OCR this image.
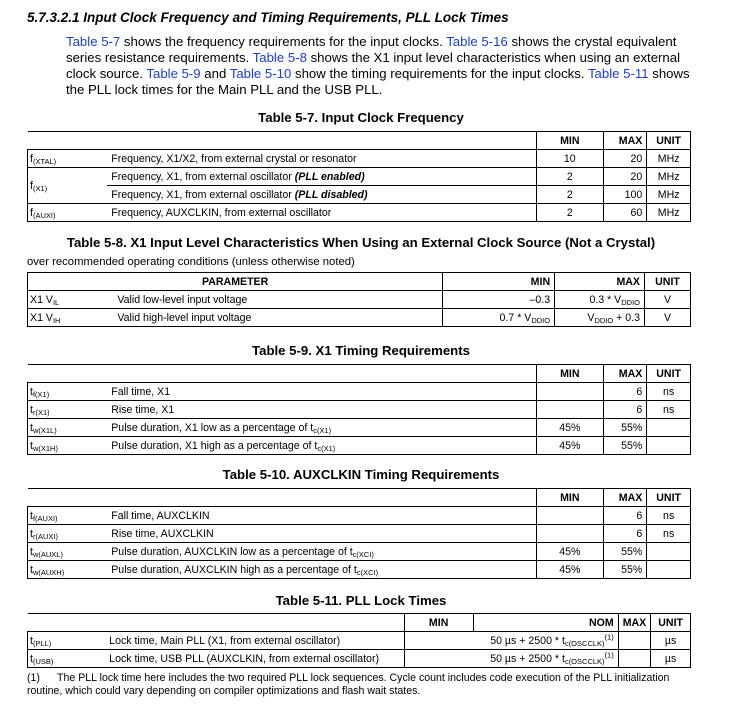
5.7.3.2.1 Input Clock Frequency and Timing Requirements, PLL Lock Times
Table 5-7 shows the frequency requirements for the input clocks. Table 5-16 shows the crystal equivalent series resistance requirements. Table 5-8 shows the X1 input level characteristics when using an external clock source. Table 5-9 and Table 5-10 show the timing requirements for the input clocks. Table 5-11 shows the PLL lock times for the Main PLL and the USB PLL.
Table 5-7. Input Clock Frequency
		MIN	MAX	UNIT
$f_{(XTAL)}$	Frequency, X1/X2, from external crystal or resonator	10	20	MHz
$f_{(X1)}$	Frequency, X1, from external oscillator (PLL enabled)	2	20	MHz
	Frequency, X1, from external oscillator (PLL disabled)	2	100	MHz
$f_{(AUXI)}$	Frequency, AUXCLKIN, from external oscillator	2	60	MHz
Table 5-8. X1 Input Level Characteristics When Using an External Clock Source (Not a Crystal)
over recommended operating conditions (unless otherwise noted)
PARAMETER		MIN	MAX	UNIT
X1 $V_{IL}$	Valid low-level input voltage	–0.3	$0.3 * V_{DDIO}$	V
X1 $V_{IH}$	Valid high-level input voltage	$0.7 * V_{DDIO}$	$V_{DDIO} + 0.3$	V
Table 5-9. X1 Timing Requirements
		MIN	MAX	UNIT
$t_{f(X1)}$	Fall time, X1		6	ns
$t_{r(X1)}$	Rise time, X1		6	ns
$t_{w(X1L)}$	Pulse duration, X1 low as a percentage of $t_{c(X1)}$	45%	55%	
$t_{w(X1H)}$	Pulse duration, X1 high as a percentage of $t_{c(X1)}$	45%	55%	
Table 5-10. AUXCLKIN Timing Requirements
		MIN	MAX	UNIT
$t_{f(AUXI)}$	Fall time, AUXCLKIN		6	ns
$t_{r(AUXI)}$	Rise time, AUXCLKIN		6	ns
$t_{w(AUXL)}$	Pulse duration, AUXCLKIN low as a percentage of $t_{c(XCI)}$	45%	55%	
$t_{w(AUXH)}$	Pulse duration, AUXCLKIN high as a percentage of $t_{c(XCI)}$	45%	55%	
Table 5-11. PLL Lock Times
		MIN	NOM	MAX	UNIT
$t_{(PLL)}$	Lock time, Main PLL (X1, from external oscillator)	50 $\mu s + 2500 * t_{c(OSCCLK)}^{(1)}$			µs
$t_{(USB)}$	Lock time, USB PLL (AUXCLKIN, from external oscillator)	50 $\mu s + 2500 * t_{c(OSCCLK)}^{(1)}$			µs
(1) The PLL lock time here includes the two required PLL lock sequences. Cycle count includes code execution of the PLL initialization routine, which could vary depending on compiler optimizations and flash wait states.
